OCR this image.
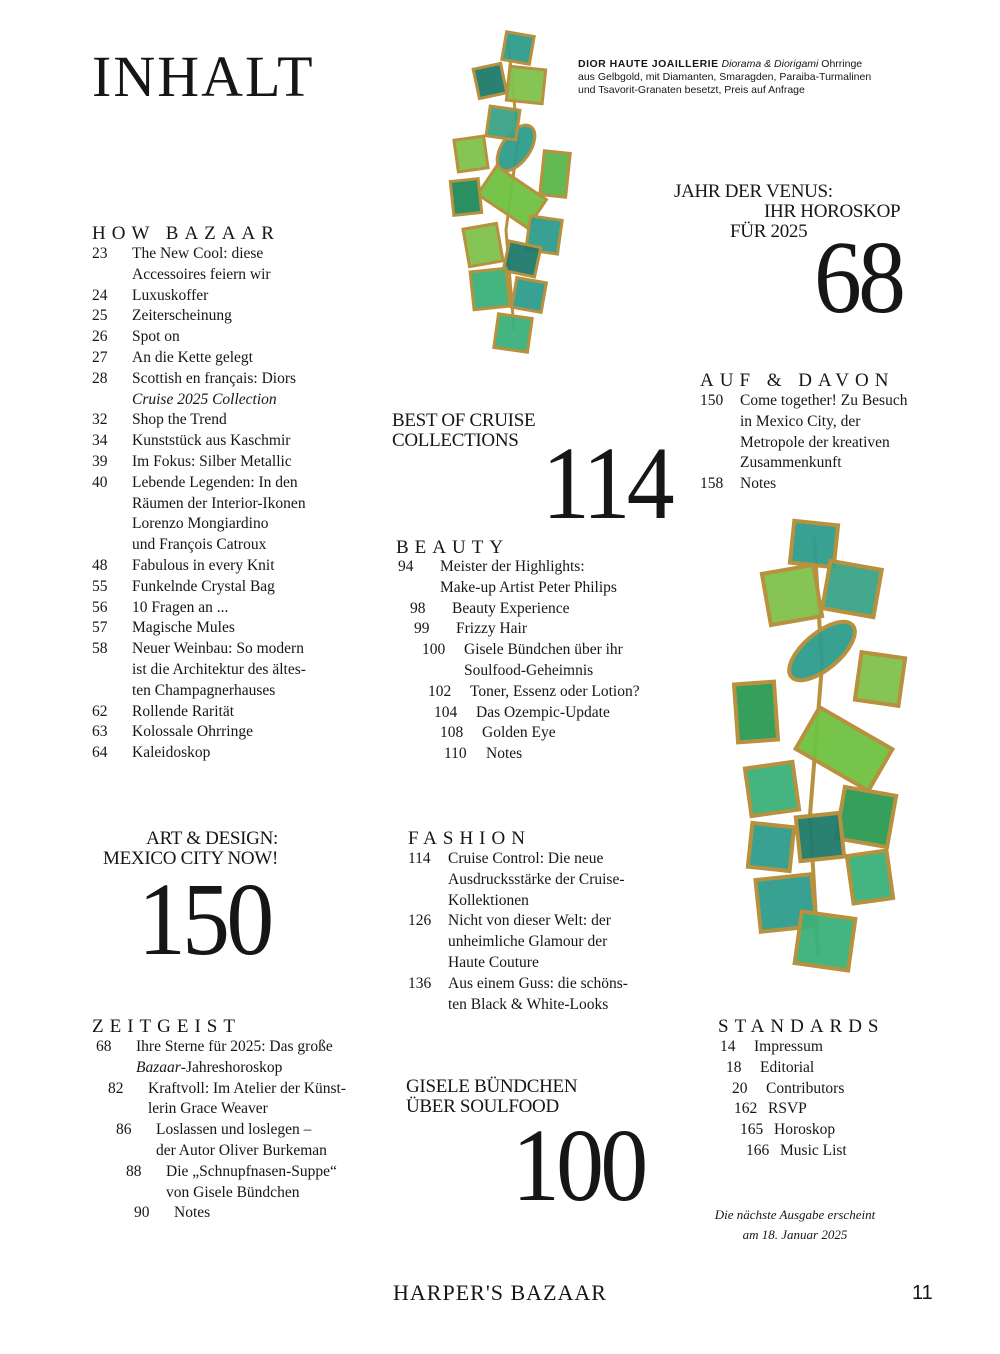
INHALT	DIOR HAUTE JOAILLERIE Diorama & Diorigami Ohrringe
aus Gelbgold, mit Diamanten, Smaragden, Paraiba-Turmalinen
und Tsavorit-Granaten besetzt, Preis auf Anfrage
HOW BAZAAR
23	The New Cool: diese
Accessoires feiern wir
24	Luxuskoffer
25	Zeiterscheinung
26	Spot on
27	An die Kette gelegt
28	Scottish en français: Diors
Cruise 2025 Collection
32	Shop the Trend
34	Kunststück aus Kaschmir
39	Im Fokus: Silber Metallic
40	Lebende Legenden: In den
Räumen der Interior-Ikonen
Lorenzo Mongiardino
und François Catroux
48	Fabulous in every Knit
55	Funkelnde Crystal Bag
56	10 Fragen an ...
57	Magische Mules
58	Neuer Weinbau: So modern
ist die Architektur des ältes-
ten Champagnerhauses
62	Rollende Rarität
63	Kolossale Ohrringe
64	Kaleidoskop
JAHR DER VENUS:
IHR HOROSKOP
FÜR 2025 68
AUF & DAVON
150	Come together! Zu Besuch
in Mexico City, der
Metropole der kreativen
Zusammenkunft
158	Notes
BEST OF CRUISE
COLLECTIONS 114
BEAUTY
94	Meister der Highlights:
Make-up Artist Peter Philips
98	Beauty Experience
99	Frizzy Hair
100	Gisele Bündchen über ihr
Soulfood-Geheimnis
102	Toner, Essenz oder Lotion?
104	Das Ozempic-Update
108	Golden Eye
110	Notes
ART & DESIGN:
MEXICO CITY NOW!
150
FASHION
114	Cruise Control: Die neue
Ausdrucksstärke der Cruise-
Kollektionen
126	Nicht von dieser Welt: der
unheimliche Glamour der
Haute Couture
136	Aus einem Guss: die schöns-
ten Black & White-Looks
ZEITGEIST
68	Ihre Sterne für 2025: Das große
Bazaar-Jahreshoroskop
82	Kraftvoll: Im Atelier der Künst-
lerin Grace Weaver
86	Loslassen und loslegen –
der Autor Oliver Burkeman
88	Die „Schnupfnasen-Suppe“
von Gisele Bündchen
90	Notes
GISELE BÜNDCHEN
ÜBER SOULFOOD
100
STANDARDS
14	Impressum
18	Editorial
20	Contributors
162 RSVP
165 Horoskop
166 Music List
Die nächste Ausgabe erscheint
am 18. Januar 2025
HARPER'S BAZAAR	11
